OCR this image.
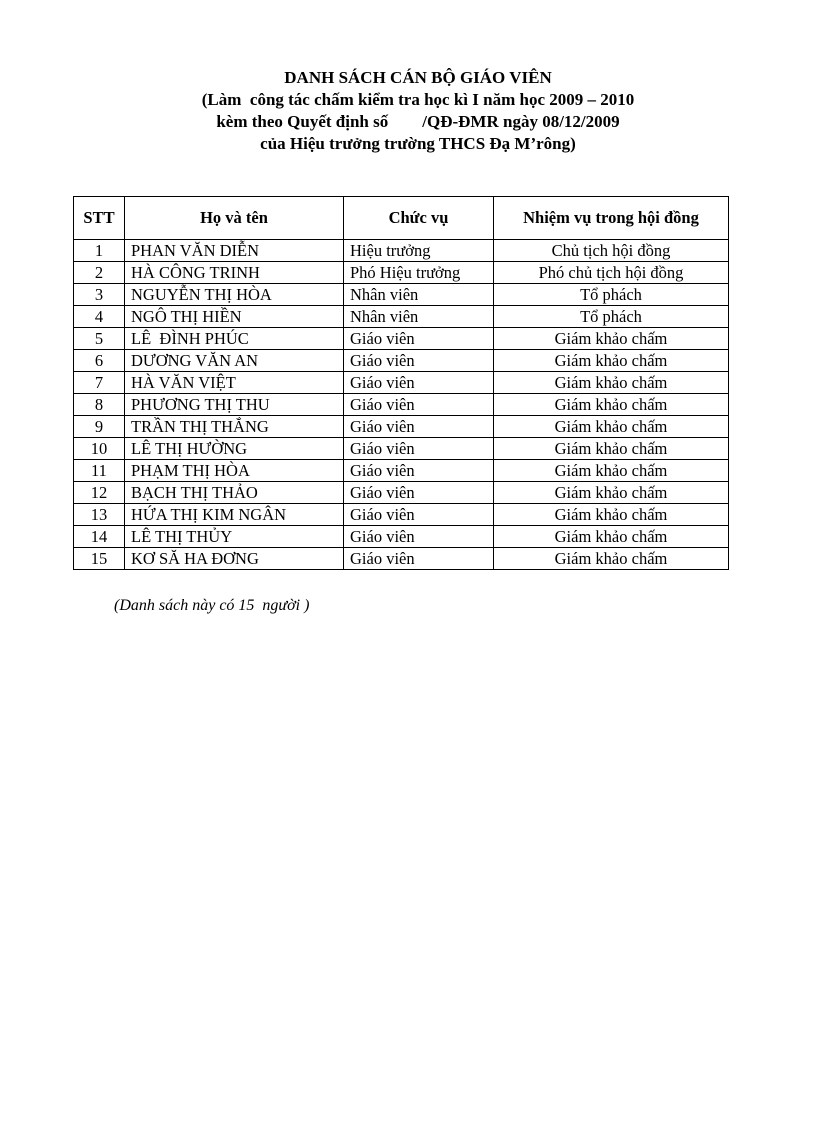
DANH SÁCH CÁN BỘ GIÁO VIÊN
(Làm  công tác chấm kiểm tra học kì I năm học 2009 – 2010
kèm theo Quyết định số        /QĐ-ĐMR ngày 08/12/2009
của Hiệu trưởng trường THCS Đạ M’rông)
STT	Họ và tên	Chức vụ	Nhiệm vụ trong hội đồng
1	PHAN VĂN DIỄN	Hiệu trưởng	Chủ tịch hội đồng
2	HÀ CÔNG TRINH	Phó Hiệu trưởng	Phó chủ tịch hội đồng
3	NGUYỄN THỊ HÒA	Nhân viên	Tổ phách
4	NGÔ THỊ HIỀN	Nhân viên	Tổ phách
5	LÊ  ĐÌNH PHÚC	Giáo viên	Giám khảo chấm
6	DƯƠNG VĂN AN	Giáo viên	Giám khảo chấm
7	HÀ VĂN VIỆT	Giáo viên	Giám khảo chấm
8	PHƯƠNG THỊ THU	Giáo viên	Giám khảo chấm
9	TRẦN THỊ THẮNG	Giáo viên	Giám khảo chấm
10	LÊ THỊ HƯỜNG	Giáo viên	Giám khảo chấm
11	PHẠM THỊ HÒA	Giáo viên	Giám khảo chấm
12	BẠCH THỊ THẢO	Giáo viên	Giám khảo chấm
13	HỨA THỊ KIM NGÂN	Giáo viên	Giám khảo chấm
14	LÊ THỊ THỦY	Giáo viên	Giám khảo chấm
15	KƠ SĂ HA ĐƠNG	Giáo viên	Giám khảo chấm
(Danh sách này có 15  người )
